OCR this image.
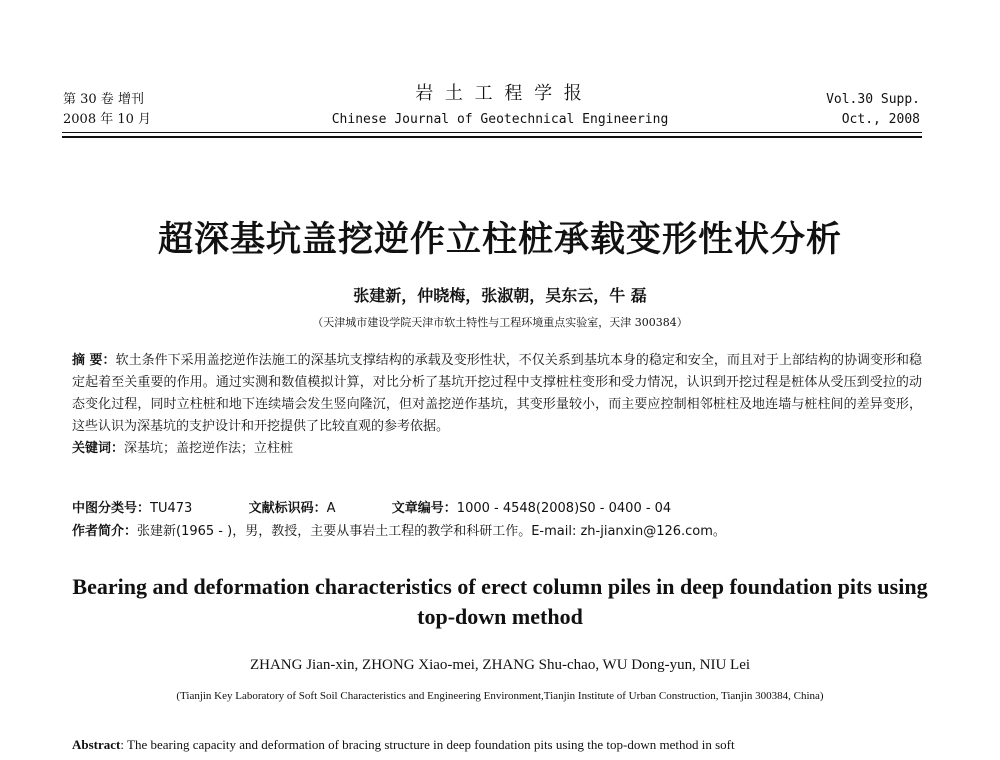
第 30 卷 增刊
2008 年 10 月
岩 土 工 程 学 报
Chinese Journal of Geotechnical Engineering
Vol.30 Supp.
Oct., 2008
超深基坑盖挖逆作立柱桩承载变形性状分析
张建新，仲晓梅，张淑朝，吴东云，牛 磊
（天津城市建设学院天津市软土特性与工程环境重点实验室，天津 300384）
摘 要：软土条件下采用盖挖逆作法施工的深基坑支撑结构的承载及变形性状，不仅关系到基坑本身的稳定和安全，而且对于上部结构的协调变形和稳定起着至关重要的作用。通过实测和数值模拟计算，对比分析了基坑开挖过程中支撑桩柱变形和受力情况，认识到开挖过程是桩体从受压到受拉的动态变化过程，同时立柱桩和地下连续墙会发生竖向隆沉，但对盖挖逆作基坑，其变形量较小，而主要应控制相邻桩柱及地连墙与桩柱间的差异变形，这些认识为深基坑的支护设计和开挖提供了比较直观的参考依据。
关键词：深基坑；盖挖逆作法；立柱桩
中图分类号：TU473	文献标识码：A	文章编号：1000 - 4548(2008)S0 - 0400 - 04
作者简介：张建新(1965 - )，男，教授，主要从事岩土工程的教学和科研工作。E-mail: zh-jianxin@126.com。
Bearing and deformation characteristics of erect column piles in deep foundation pits using top-down method
ZHANG Jian-xin, ZHONG Xiao-mei, ZHANG Shu-chao, WU Dong-yun, NIU Lei
(Tianjin Key Laboratory of Soft Soil Characteristics and Engineering Environment,Tianjin Institute of Urban Construction, Tianjin 300384, China)
Abstract: The bearing capacity and deformation of bracing structure in deep foundation pits using the top-down method in soft
